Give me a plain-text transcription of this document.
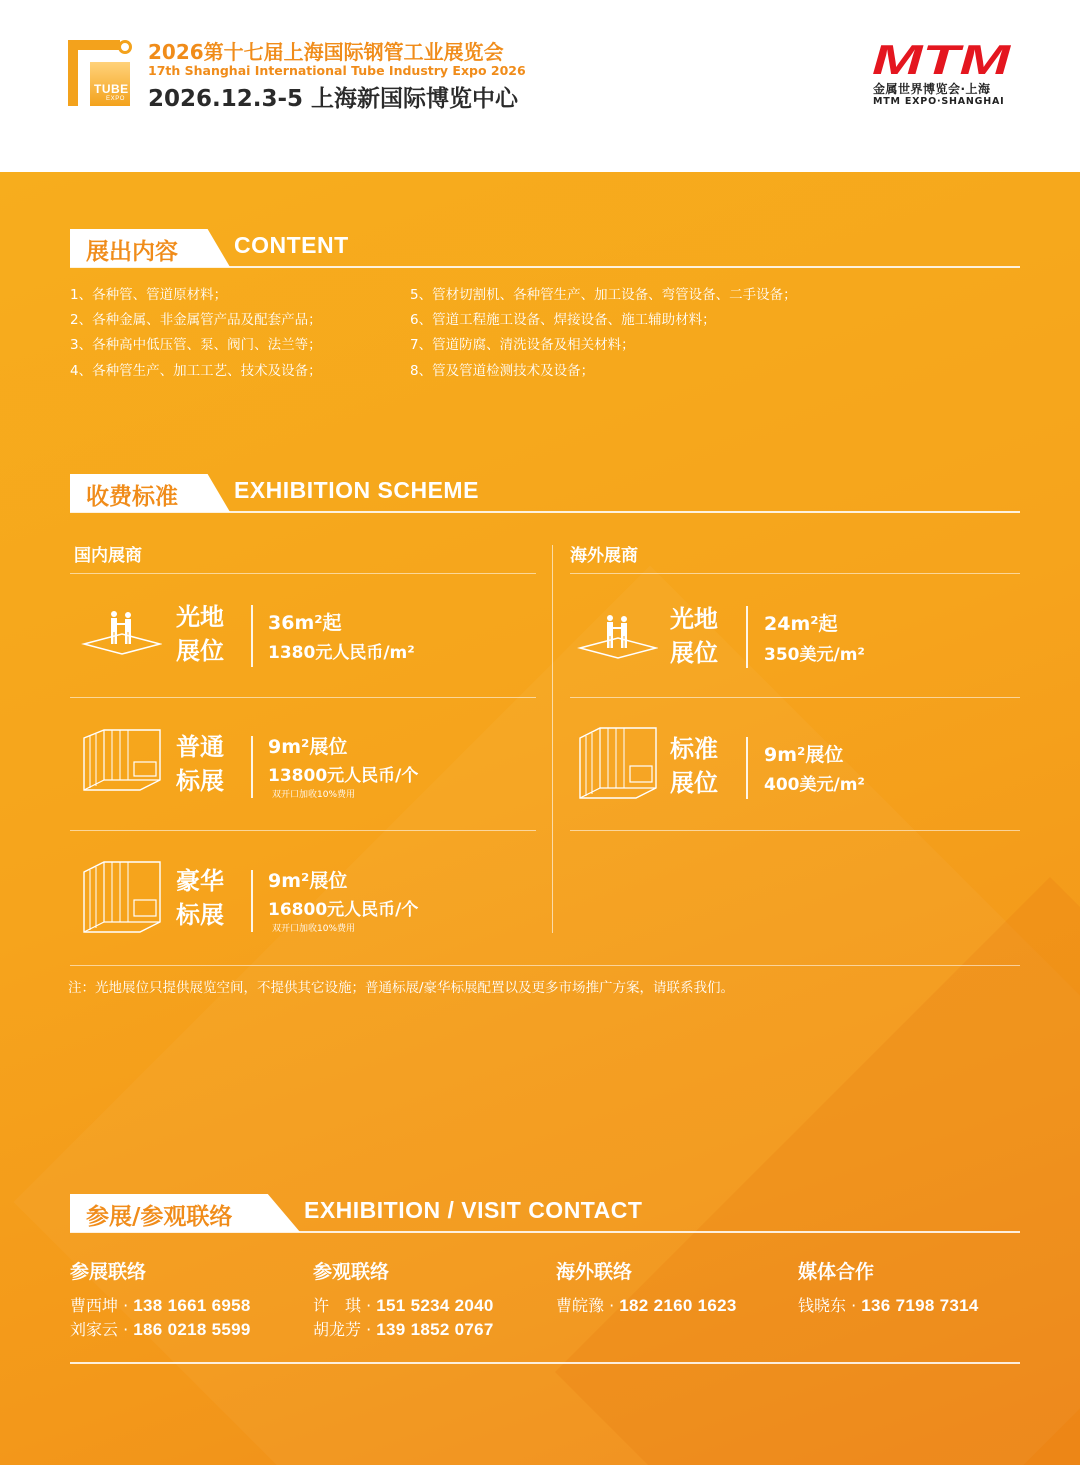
TUBE
EXPO
2026第十七届上海国际钢管工业展览会
17th Shanghai International Tube Industry Expo 2026
2026.12.3-5 上海新国际博览中心
MTM
金属世界博览会·上海
MTM EXPO·SHANGHAI
展出内容 CONTENT
1、各种管、管道原材料；
2、各种金属、非金属管产品及配套产品；
3、各种高中低压管、泵、阀门、法兰等；
4、各种管生产、加工工艺、技术及设备；
5、管材切割机、各种管生产、加工设备、弯管设备、二手设备；
6、管道工程施工设备、焊接设备、施工辅助材料；
7、管道防腐、清洗设备及相关材料；
8、管及管道检测技术及设备；
收费标准 EXHIBITION SCHEME
国内展商	海外展商
光地
展位
36m²起
1380元人民币/m²
普通
标展
9m²展位
13800元人民币/个
双开口加收10%费用
豪华
标展
9m²展位
16800元人民币/个
双开口加收10%费用
光地
展位
24m²起
350美元/m²
标准
展位
9m²展位
400美元/m²
注：光地展位只提供展览空间，不提供其它设施；普通标展/豪华标展配置以及更多市场推广方案，请联系我们。
参展/参观联络	EXHIBITION / VISIT CONTACT
参展联络
曹西坤 · 138 1661 6958
刘家云 · 186 0218 5599
参观联络
许　琪 · 151 5234 2040
胡龙芳 · 139 1852 0767
海外联络
曹皖豫 · 182 2160 1623
媒体合作
钱晓东 · 136 7198 7314
